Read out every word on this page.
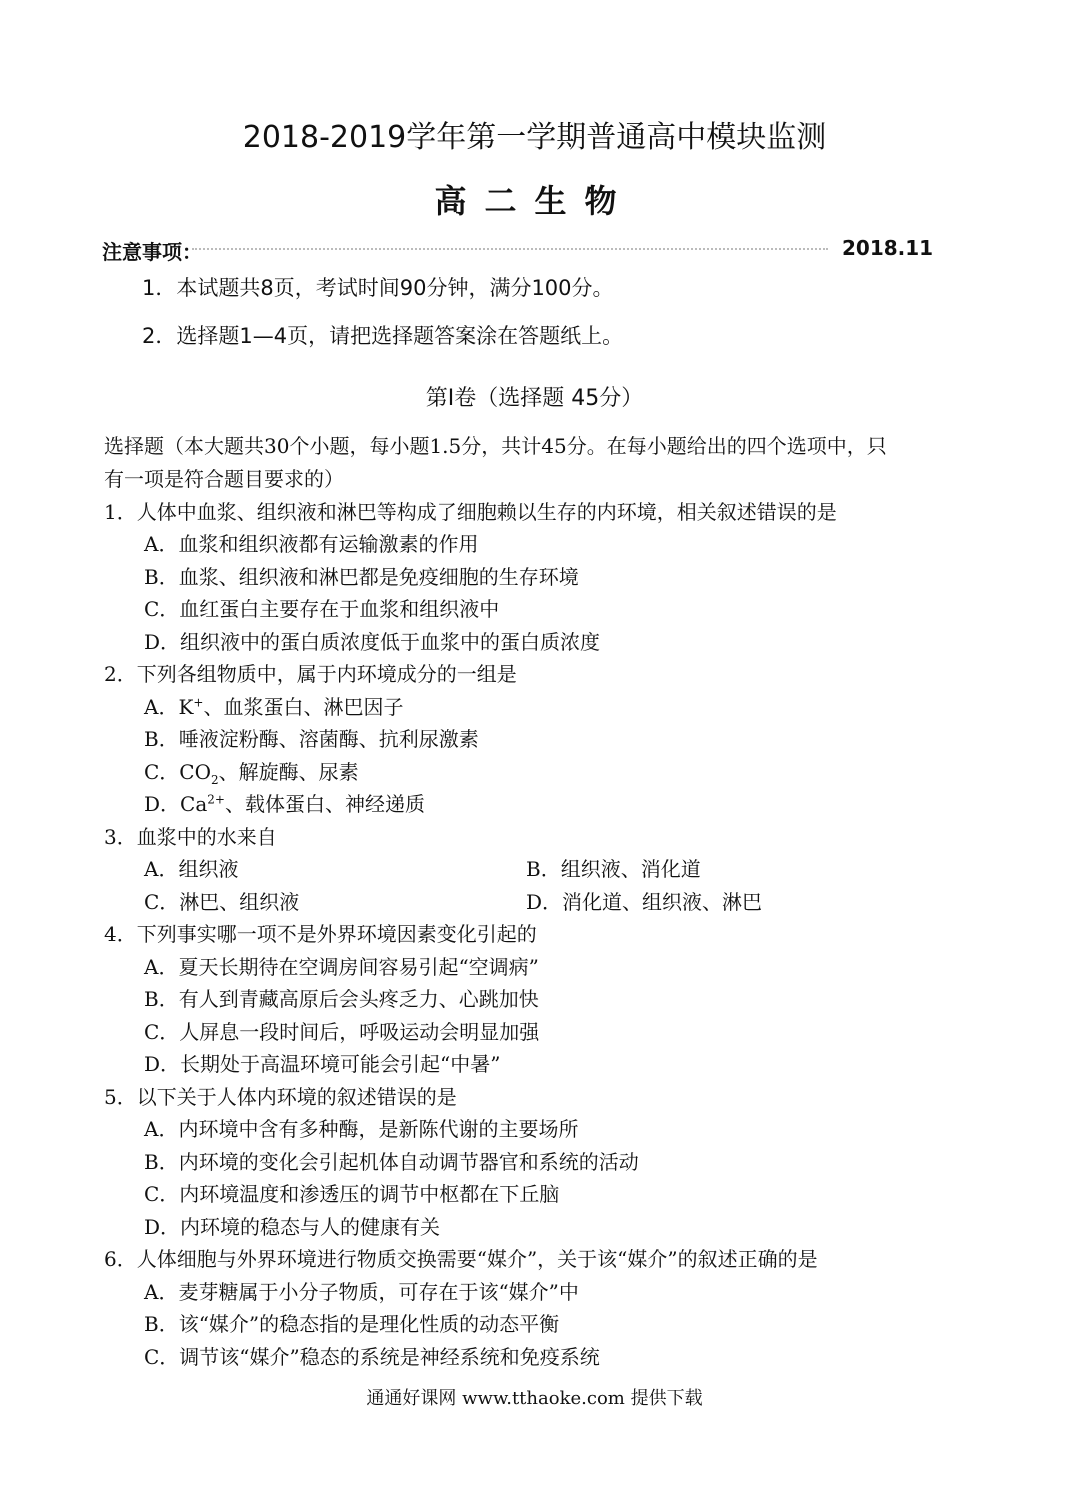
2018-2019学年第一学期普通高中模块监测
高二生物
注意事项：	2018.11
1．本试题共8页，考试时间90分钟，满分100分。
2．选择题1—4页，请把选择题答案涂在答题纸上。
第Ⅰ卷（选择题 45分）
选择题（本大题共30个小题，每小题1.5分，共计45分。在每小题给出的四个选项中，只
有一项是符合题目要求的）
1．人体中血浆、组织液和淋巴等构成了细胞赖以生存的内环境，相关叙述错误的是
A．血浆和组织液都有运输激素的作用
B．血浆、组织液和淋巴都是免疫细胞的生存环境
C．血红蛋白主要存在于血浆和组织液中
D．组织液中的蛋白质浓度低于血浆中的蛋白质浓度
2．下列各组物质中，属于内环境成分的一组是
A．K+、血浆蛋白、淋巴因子
B．唾液淀粉酶、溶菌酶、抗利尿激素
C．$CO_2$、解旋酶、尿素
D．$Ca^{2+}$、载体蛋白、神经递质
3．血浆中的水来自
A．组织液	B．组织液、消化道
C．淋巴、组织液	D．消化道、组织液、淋巴
4．下列事实哪一项不是外界环境因素变化引起的
A．夏天长期待在空调房间容易引起“空调病”
B．有人到青藏高原后会头疼乏力、心跳加快
C．人屏息一段时间后，呼吸运动会明显加强
D．长期处于高温环境可能会引起“中暑”
5．以下关于人体内环境的叙述错误的是
A．内环境中含有多种酶，是新陈代谢的主要场所
B．内环境的变化会引起机体自动调节器官和系统的活动
C．内环境温度和渗透压的调节中枢都在下丘脑
D．内环境的稳态与人的健康有关
6．人体细胞与外界环境进行物质交换需要“媒介”，关于该“媒介”的叙述正确的是
A．麦芽糖属于小分子物质，可存在于该“媒介”中
B．该“媒介”的稳态指的是理化性质的动态平衡
C．调节该“媒介”稳态的系统是神经系统和免疫系统
通通好课网 www.tthaoke.com 提供下载
